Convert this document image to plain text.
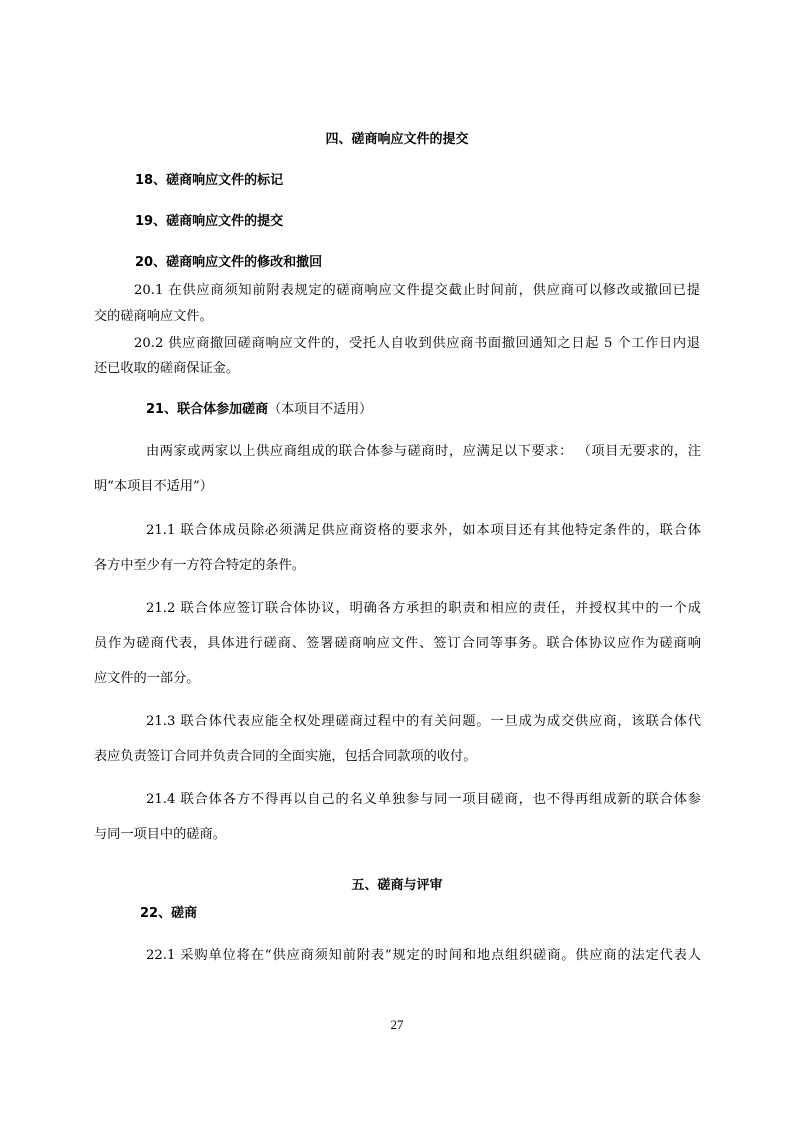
四、磋商响应文件的提交
18、磋商响应文件的标记
19、磋商响应文件的提交
20、磋商响应文件的修改和撤回
20.1 在供应商须知前附表规定的磋商响应文件提交截止时间前，供应商可以修改或撤回已提
交的磋商响应文件。
20.2 供应商撤回磋商响应文件的，受托人自收到供应商书面撤回通知之日起 5 个工作日内退
还已收取的磋商保证金。
21、联合体参加磋商（本项目不适用）
由两家或两家以上供应商组成的联合体参与磋商时，应满足以下要求： （项目无要求的，注
明“本项目不适用”）
21.1 联合体成员除必须满足供应商资格的要求外，如本项目还有其他特定条件的，联合体
各方中至少有一方符合特定的条件。
21.2 联合体应签订联合体协议，明确各方承担的职责和相应的责任，并授权其中的一个成
员作为磋商代表，具体进行磋商、签署磋商响应文件、签订合同等事务。联合体协议应作为磋商响
应文件的一部分。
21.3 联合体代表应能全权处理磋商过程中的有关问题。一旦成为成交供应商，该联合体代
表应负责签订合同并负责合同的全面实施，包括合同款项的收付。
21.4 联合体各方不得再以自己的名义单独参与同一项目磋商，也不得再组成新的联合体参
与同一项目中的磋商。
五、磋商与评审
22、磋商
22.1 采购单位将在“供应商须知前附表”规定的时间和地点组织磋商。供应商的法定代表人
27
